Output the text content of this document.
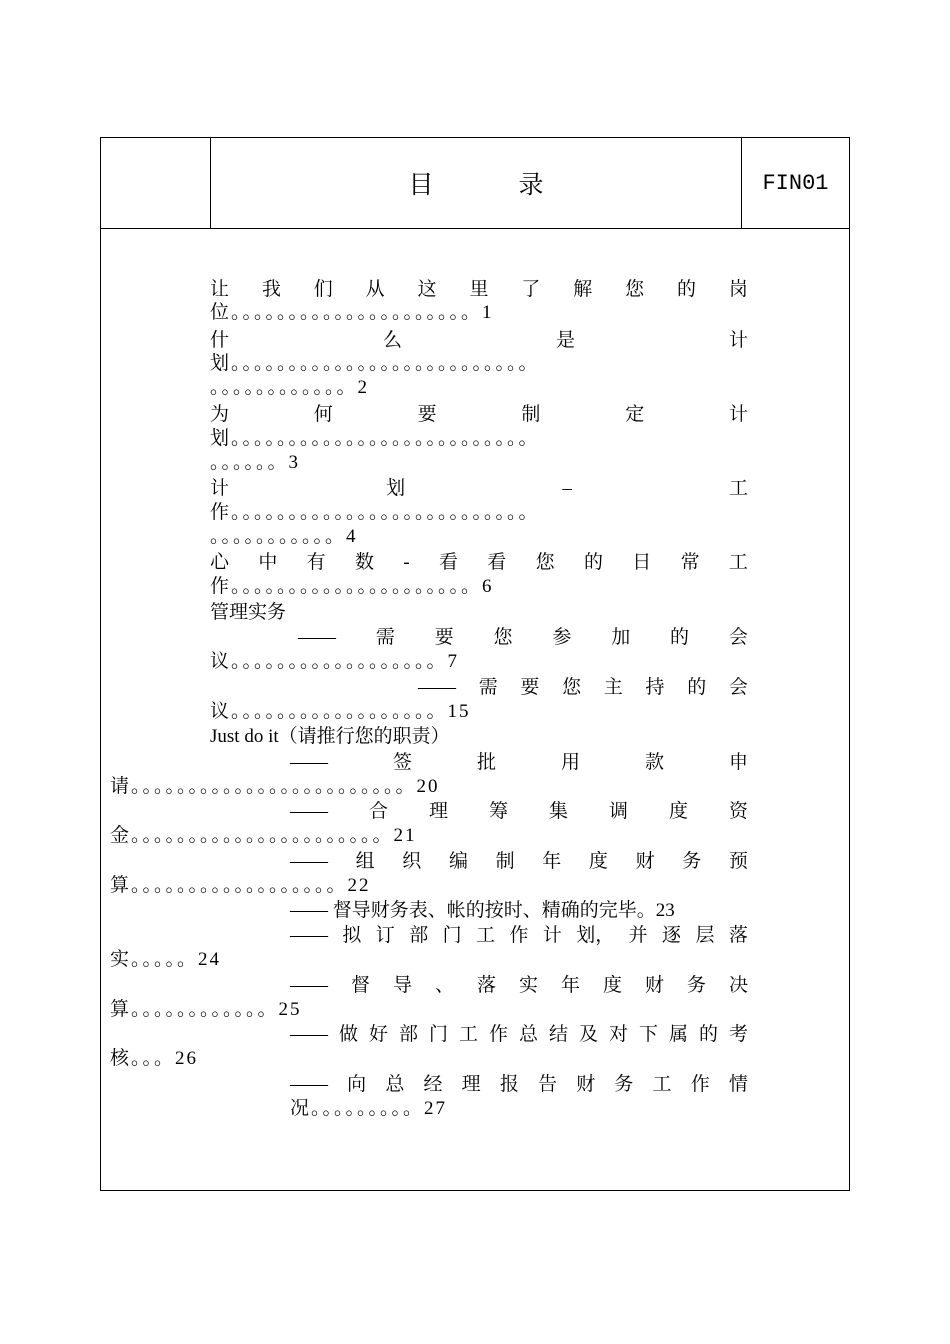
目录	FIN01
让 我 们 从 这 里 了 解 您 的 岗
位。。。。。。。。。。。。。。。。。。。。。1
什	么	是	计
划。。。。。。。。。。。。。。。。。。。。。。。。。。
。。。。。。。。。。。。2
为	何	要	制	定	计
划。。。。。。。。。。。。。。。。。。。。。。。。。。
。。。。。。3
计	划	–	工
作。。。。。。。。。。。。。。。。。。。。。。。。。。
。。。。。。。。。。。4
心 中 有 数 - 看 看 您 的 日 常 工
作。。。。。。。。。。。。。。。。。。。。。6
管理实务
—— 需 要 您 参 加 的 会
议。。。。。。。。。。。。。。。。。。7
—— 需 要 您 主 持 的 会
议。。。。。。。。。。。。。。。。。。15
Just do it（请推行您的职责）
——	签	批	用	款	申
请。。。。。。。。。。。。。。。。。。。。。。。。20
—— 合 理 筹 集 调 度 资
金。。。。。。。。。。。。。。。。。。。。。。21
—— 组 织 编 制 年 度 财 务 预
算。。。。。。。。。。。。。。。。。。22
—— 督导财务表、帐的按时、精确的完毕。23
—— 拟 订 部 门 工 作 计 划， 并 逐 层 落
实。。。。。24
—— 督 导 、 落 实 年 度 财 务 决
算。。。。。。。。。。。。25
—— 做 好 部 门 工 作 总 结 及 对 下 属 的 考
核。。。26
—— 向 总 经 理 报 告 财 务 工 作 情
况。。。。。。。。。27
